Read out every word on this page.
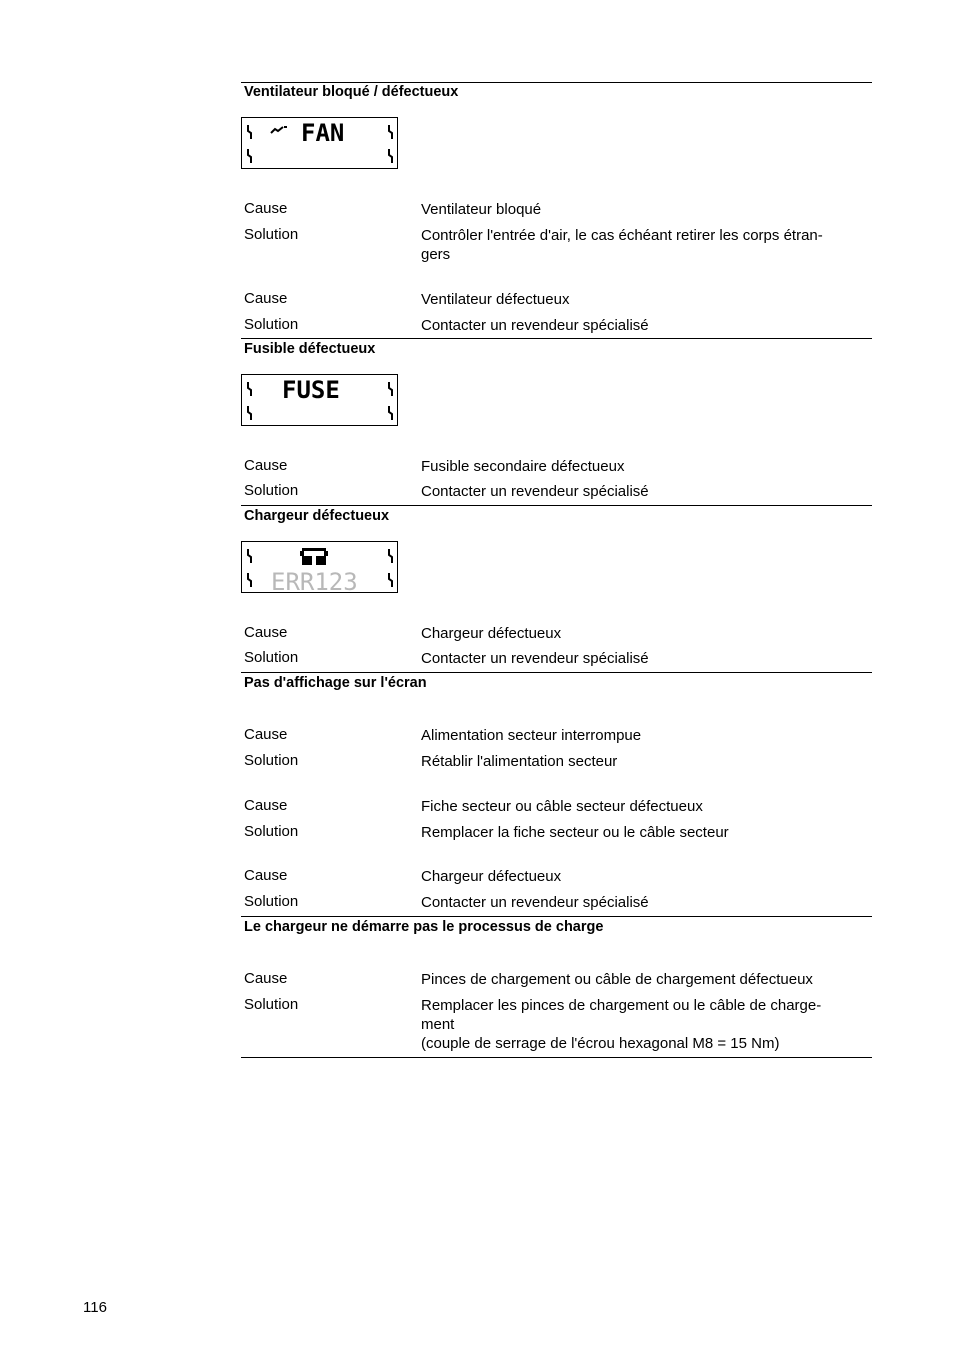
Ventilateur bloqué / défectueux
FAN
Cause	Ventilateur bloqué
Solution	Contrôler l'entrée d'air, le cas échéant retirer les corps étran-
gers
Cause	Ventilateur défectueux
Solution	Contacter un revendeur spécialisé
Fusible défectueux
FUSE
Cause	Fusible secondaire défectueux
Solution	Contacter un revendeur spécialisé
Chargeur défectueux
ERR123
Cause	Chargeur défectueux
Solution	Contacter un revendeur spécialisé
Pas d'affichage sur l'écran
Cause	Alimentation secteur interrompue
Solution	Rétablir l'alimentation secteur
Cause	Fiche secteur ou câble secteur défectueux
Solution	Remplacer la fiche secteur ou le câble secteur
Cause	Chargeur défectueux
Solution	Contacter un revendeur spécialisé
Le chargeur ne démarre pas le processus de charge
Cause	Pinces de chargement ou câble de chargement défectueux
Solution	Remplacer les pinces de chargement ou le câble de charge-
ment
(couple de serrage de l'écrou hexagonal M8 = 15 Nm)
116
